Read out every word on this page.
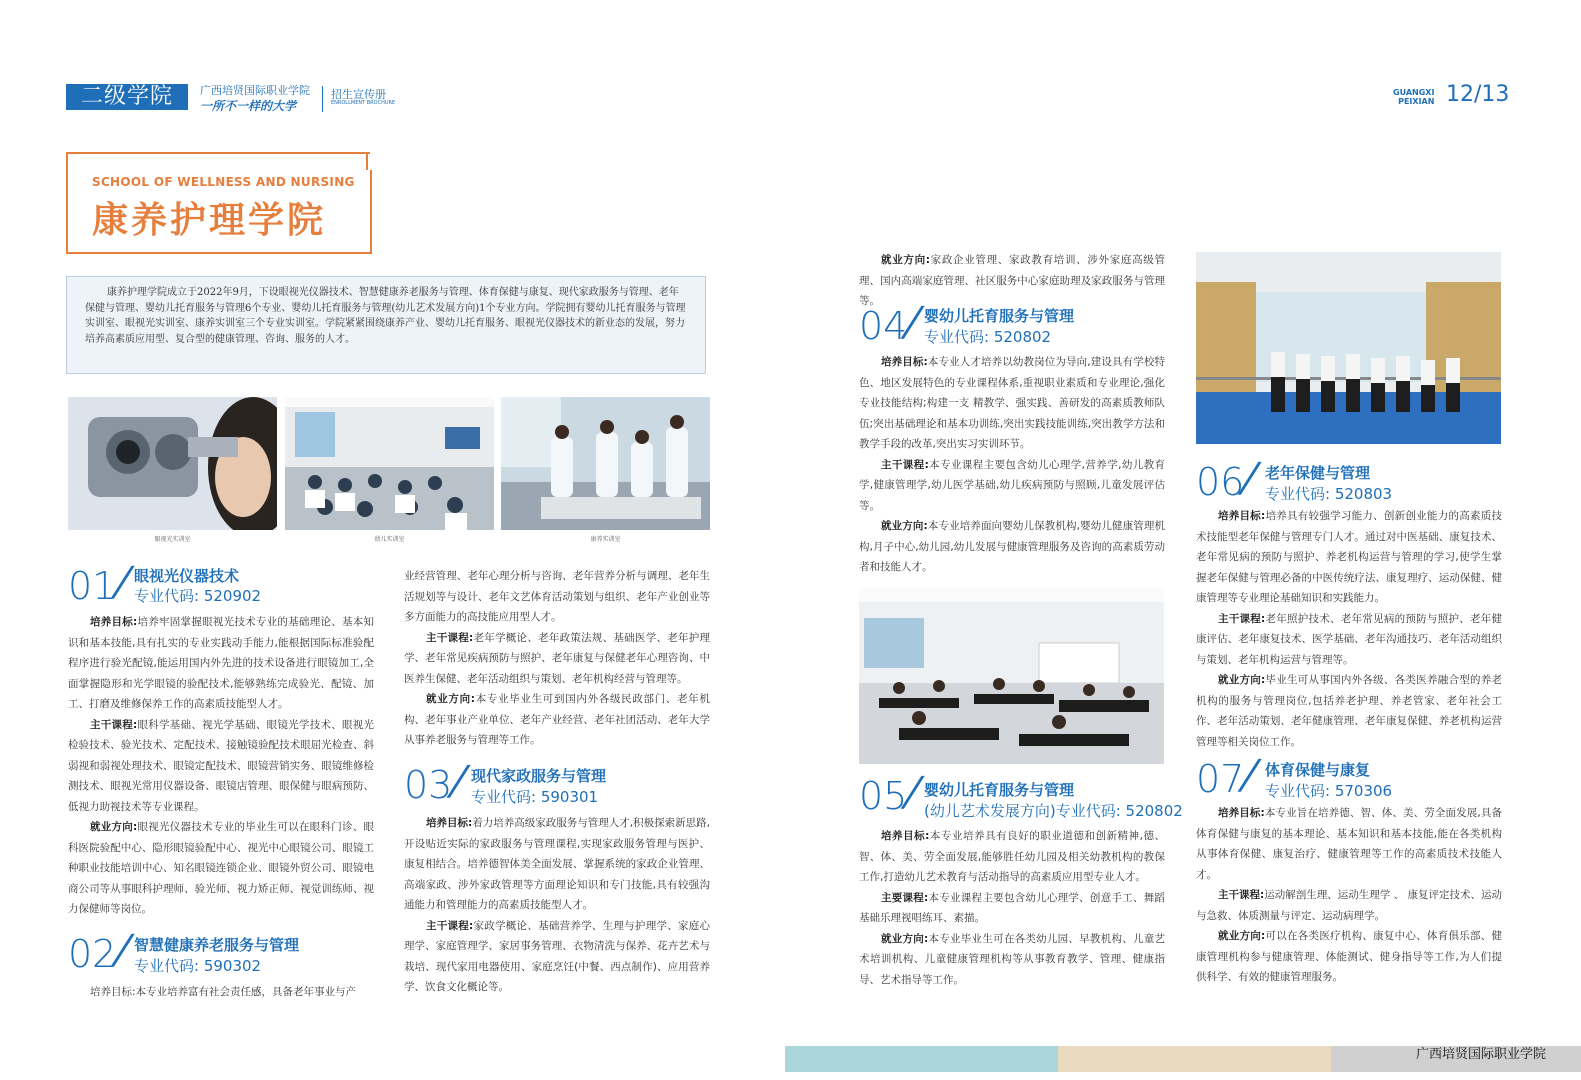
二级学院	广西培贤国际职业学院
一所不一样的大学
招生宣传册
ENROLLMENT BROCHURE
GUANGXI
PEIXIAN 12/13
SCHOOL OF WELLNESS AND NURSING
康养护理学院
康养护理学院成立于2022年9月，下设眼视光仪器技术、智慧健康养老服务与管理、体育保健与康复、现代家政服务与管理、老年保健与管理、婴幼儿托育服务与管理6个专业、婴幼儿托育服务与管理(幼儿艺术发展方向)1个专业方向。学院拥有婴幼儿托育服务与管理实训室、眼视光实训室、康养实训室三个专业实训室。学院紧紧围绕康养产业、婴幼儿托育服务、眼视光仪器技术的新业态的发展，努力培养高素质应用型、复合型的健康管理、咨询、服务的人才。
眼视光实训室	幼儿实训室	康养实训室
01
/
眼视光仪器技术
专业代码: 520902

培养目标:培养牢固掌握眼视光技术专业的基础理论、基本知识和基本技能,具有扎实的专业实践动手能力,能根据国际标准验配程序进行验光配镜,能运用国内外先进的技术设备进行眼镜加工,全面掌握隐形和光学眼镜的验配技术,能够熟练完成验光、配镜、加工、打磨及维修保养工作的高素质技能型人才。

主干课程:眼科学基础、视光学基础、眼镜光学技术、眼视光检验技术、验光技术、定配技术、接触镜验配技术眼屈光检查、斜弱视和弱视处理技术、眼镜定配技术、眼镜营销实务、眼镜维修检测技术、眼视光常用仪器设备、眼镜店管理、眼保健与眼病预防、低视力助视技术等专业课程。

就业方向:眼视光仪器技术专业的毕业生可以在眼科门诊、眼科医院验配中心、隐形眼镜验配中心、视光中心眼镜公司、眼镜工种职业技能培训中心、知名眼镜连锁企业、眼镜外贸公司、眼镜电商公司等从事眼科护理师、验光师、视力矫正师、视觉训练师、视力保健师等岗位。

02
/
智慧健康养老服务与管理
专业代码: 590302

培养目标:本专业培养富有社会责任感，具备老年事业与产

业经营管理、老年心理分析与咨询、老年营养分析与调理、老年生活规划等与设计、老年文艺体育活动策划与组织、老年产业创业等多方面能力的高技能应用型人才。

主干课程:老年学概论、老年政策法规、基础医学、老年护理学、老年常见疾病预防与照护、老年康复与保健老年心理咨询、中医养生保健、老年活动组织与策划、老年机构经营与管理等。

就业方向:本专业毕业生可到国内外各级民政部门、老年机构、老年事业产业单位、老年产业经营、老年社团活动、老年大学从事养老服务与管理等工作。

03
/
现代家政服务与管理
专业代码: 590301

培养目标:着力培养高级家政服务与管理人才,积极探索新思路,开设贴近实际的家政服务与管理课程,实现家政服务管理与医护、康复相结合。培养德智体美全面发展、掌握系统的家政企业管理、高端家政、涉外家政管理等方面理论知识和专门技能,具有较强沟通能力和管理能力的高素质技能型人才。

主干课程:家政学概论、基础营养学、生理与护理学、家庭心理学、家庭管理学、家居事务管理、衣物清洗与保养、花卉艺术与栽培、现代家用电器使用、家庭烹饪(中餐、西点制作)、应用营养学、饮食文化概论等。

就业方向:家政企业管理、家政教育培训、涉外家庭高级管理、国内高端家庭管理、社区服务中心家庭助理及家政服务与管理等。

04
/
婴幼儿托育服务与管理
专业代码: 520802

培养目标:本专业人才培养以幼教岗位为导向,建设具有学校特色、地区发展特色的专业课程体系,重视职业素质和专业理论,强化专业技能结构;构建一支 精教学、强实践、善研发的高素质教师队伍;突出基础理论和基本功训练,突出实践技能训练,突出教学方法和教学手段的改革,突出实习实训环节。

主干课程:本专业课程主要包含幼儿心理学,营养学,幼儿教育学,健康管理学,幼儿医学基础,幼儿疾病预防与照顾,儿童发展评估等。

就业方向:本专业培养面向婴幼儿保教机构,婴幼儿健康管理机构,月子中心,幼儿园,幼儿发展与健康管理服务及咨询的高素质劳动者和技能人才。

05
/
婴幼儿托育服务与管理
(幼儿艺术发展方向)专业代码: 520802

培养目标:本专业培养具有良好的职业道德和创新精神,德、智、体、美、劳全面发展,能够胜任幼儿园及相关幼教机构的教保工作,打造幼儿艺术教育与活动指导的高素质应用型专业人才。

主要课程:本专业课程主要包含幼儿心理学、创意手工、舞蹈基础乐理视唱练耳、素描。

就业方向:本专业毕业生可在各类幼儿园、早教机构、儿童艺术培训机构、儿童健康管理机构等从事教育教学、管理、健康指导、艺术指导等工作。

06
/ 老年保健与管理
专业代码: 520803

培养目标:培养具有较强学习能力、创新创业能力的高素质技术技能型老年保健与管理专门人才。通过对中医基础、康复技术、老年常见病的预防与照护、养老机构运营与管理的学习,使学生掌握老年保健与管理必备的中医传统疗法、康复理疗、运动保健、健康管理等专业理论基础知识和实践能力。

主干课程:老年照护技术、老年常见病的预防与照护、老年健康评估、老年康复技术、医学基础、老年沟通技巧、老年活动组织与策划、老年机构运营与管理等。

就业方向:毕业生可从事国内外各级、各类医养融合型的养老机构的服务与管理岗位,包括养老护理、养老管家、老年社会工作、老年活动策划、老年健康管理、老年康复保健、养老机构运营管理等相关岗位工作。

07
/ 体育保健与康复
专业代码: 570306

培养目标:本专业旨在培养德、智、体、美、劳全面发展,具备体育保健与康复的基本理论、基本知识和基本技能,能在各类机构从事体育保健、康复治疗、健康管理等工作的高素质技术技能人才。

主干课程:运动解剖生理、运动生理学 、 康复评定技术、运动与急救、体质测量与评定、运动病理学。

就业方向:可以在各类医疗机构、康复中心、体育俱乐部、健康管理机构参与健康管理、体能测试、健身指导等工作,为人们提供科学、有效的健康管理服务。

广西培贤国际职业学院
